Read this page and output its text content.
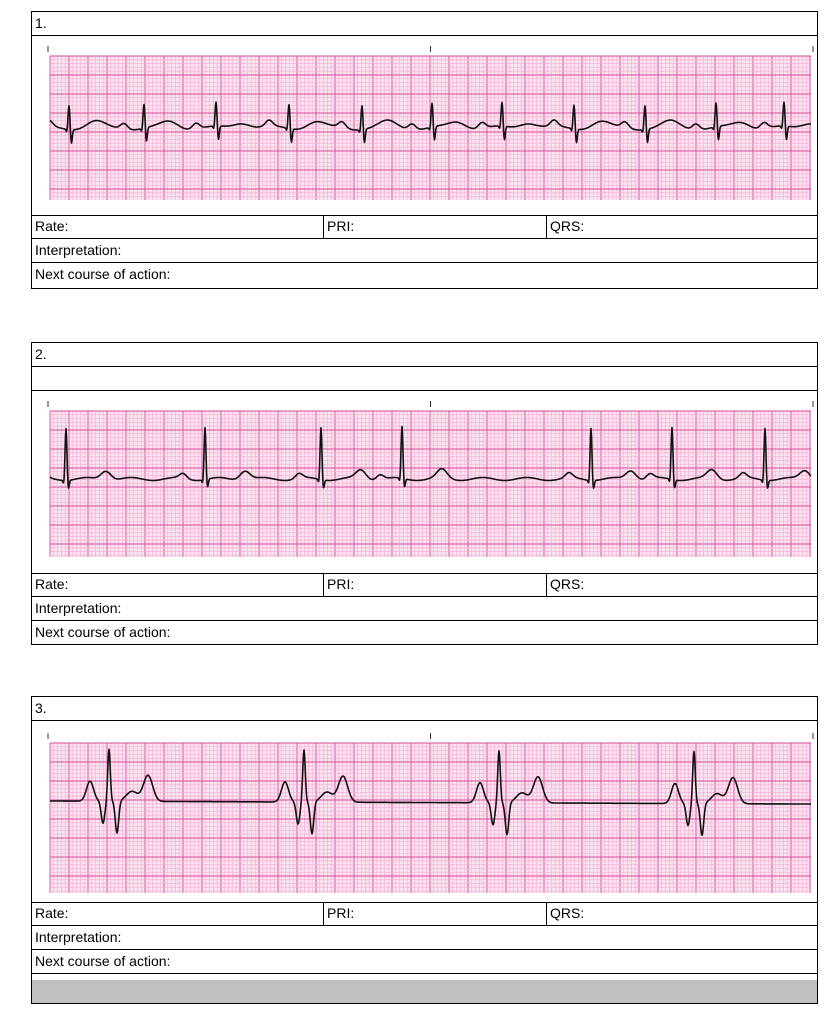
1.
Rate:	PRI:	QRS:
Interpretation:
Next course of action:
2.
Rate:	PRI:	QRS:
Interpretation:
Next course of action:
3.
Rate:	PRI:	QRS:
Interpretation:
Next course of action:
